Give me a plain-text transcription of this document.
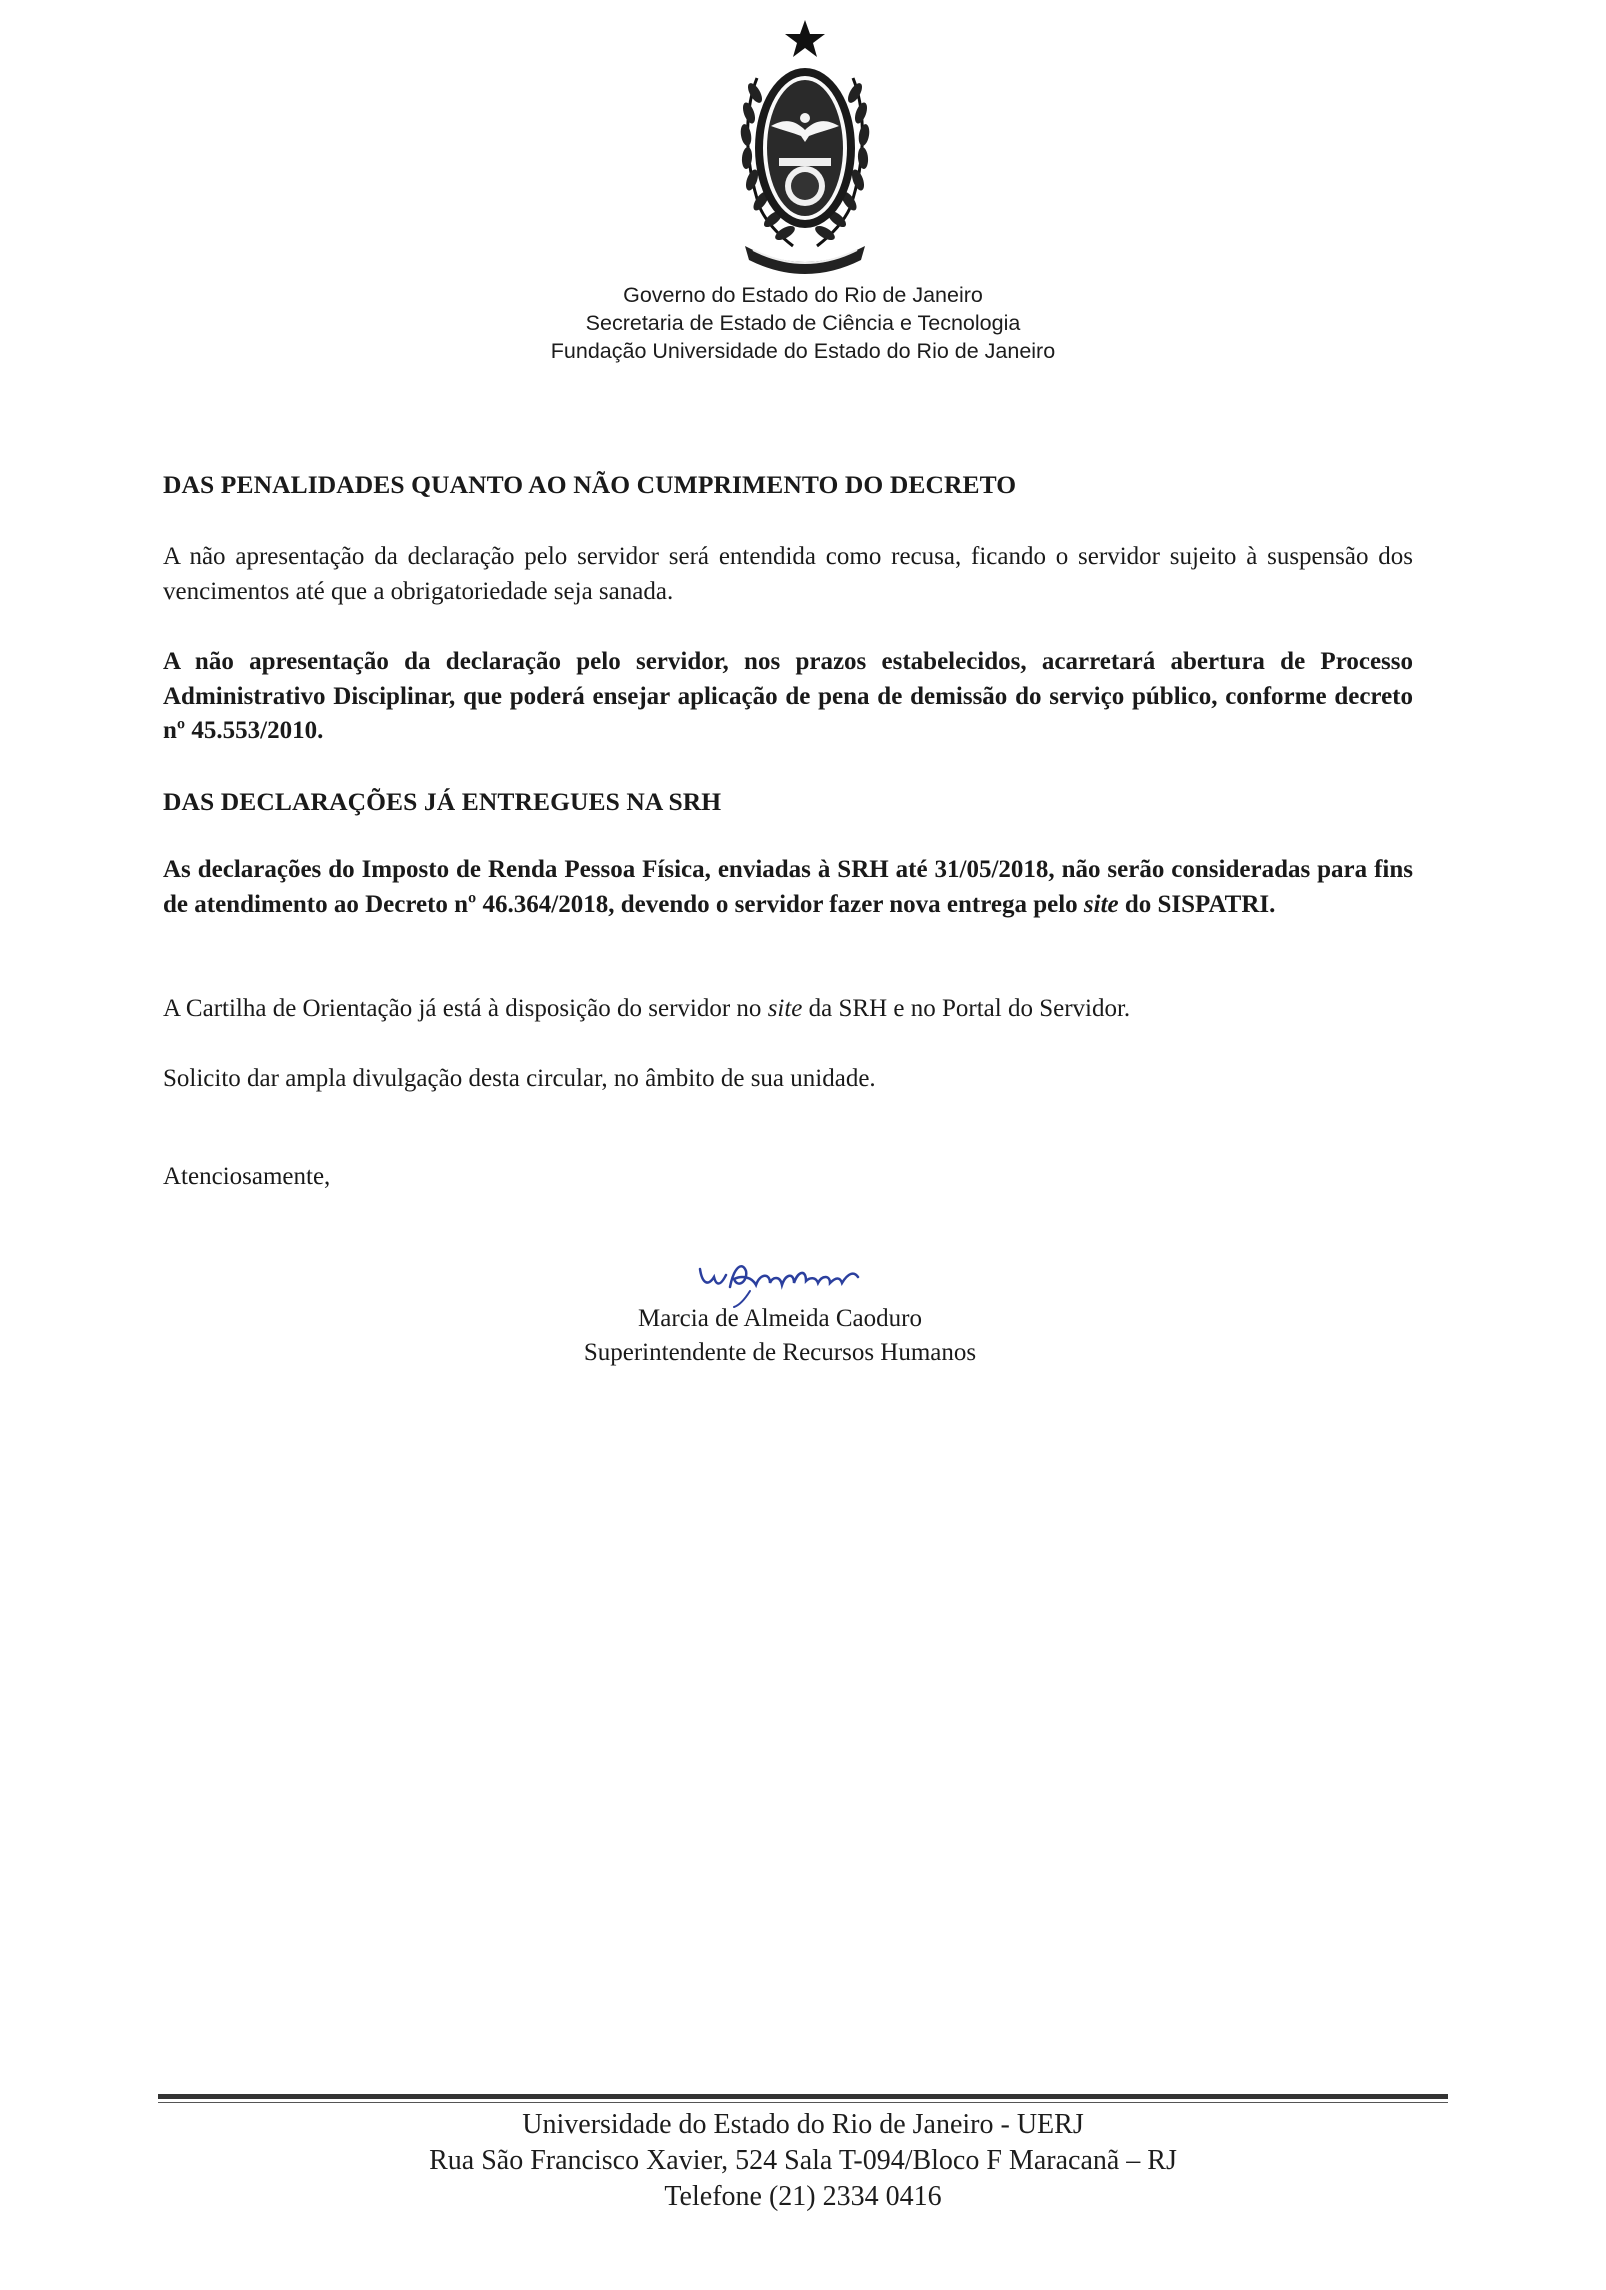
Governo do Estado do Rio de Janeiro
Secretaria de Estado de Ciência e Tecnologia
Fundação Universidade do Estado do Rio de Janeiro
DAS PENALIDADES QUANTO AO NÃO CUMPRIMENTO DO DECRETO
A não apresentação da declaração pelo servidor será entendida como recusa, ficando o servidor sujeito à suspensão dos vencimentos até que a obrigatoriedade seja sanada.
A não apresentação da declaração pelo servidor, nos prazos estabelecidos, acarretará abertura de Processo Administrativo Disciplinar, que poderá ensejar aplicação de pena de demissão do serviço público, conforme decreto nº 45.553/2010.
DAS DECLARAÇÕES JÁ ENTREGUES NA SRH
As declarações do Imposto de Renda Pessoa Física, enviadas à SRH até 31/05/2018, não serão consideradas para fins de atendimento ao Decreto nº 46.364/2018, devendo o servidor fazer nova entrega pelo site do SISPATRI.
A Cartilha de Orientação já está à disposição do servidor no site da SRH e no Portal do Servidor.
Solicito dar ampla divulgação desta circular, no âmbito de sua unidade.
Atenciosamente,
Marcia de Almeida Caoduro
Superintendente de Recursos Humanos
Universidade do Estado do Rio de Janeiro - UERJ
Rua São Francisco Xavier, 524 Sala T-094/Bloco F Maracanã – RJ
Telefone (21) 2334 0416
